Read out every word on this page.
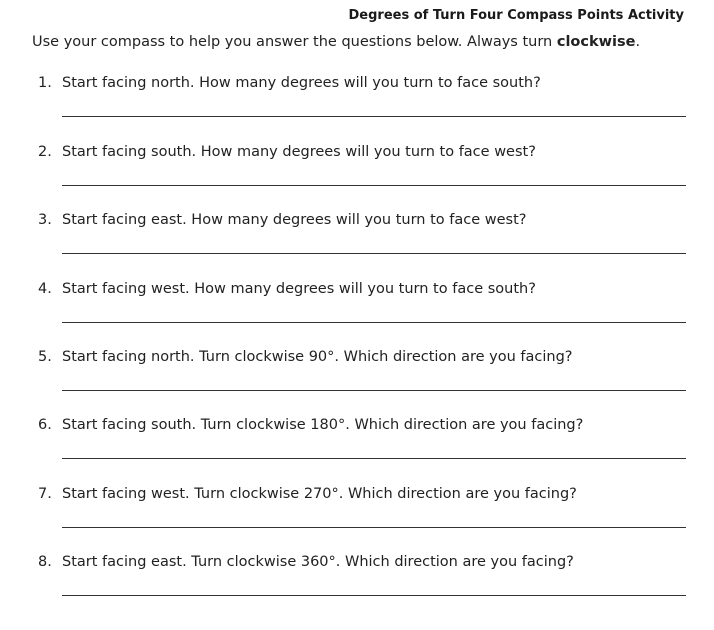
Degrees of Turn Four Compass Points Activity
Use your compass to help you answer the questions below. Always turn clockwise.
1. Start facing north. How many degrees will you turn to face south?
2. Start facing south. How many degrees will you turn to face west?
3. Start facing east. How many degrees will you turn to face west?
4. Start facing west. How many degrees will you turn to face south?
5. Start facing north. Turn clockwise 90°. Which direction are you facing?
6. Start facing south. Turn clockwise 180°. Which direction are you facing?
7. Start facing west. Turn clockwise 270°. Which direction are you facing?
8. Start facing east. Turn clockwise 360°. Which direction are you facing?
